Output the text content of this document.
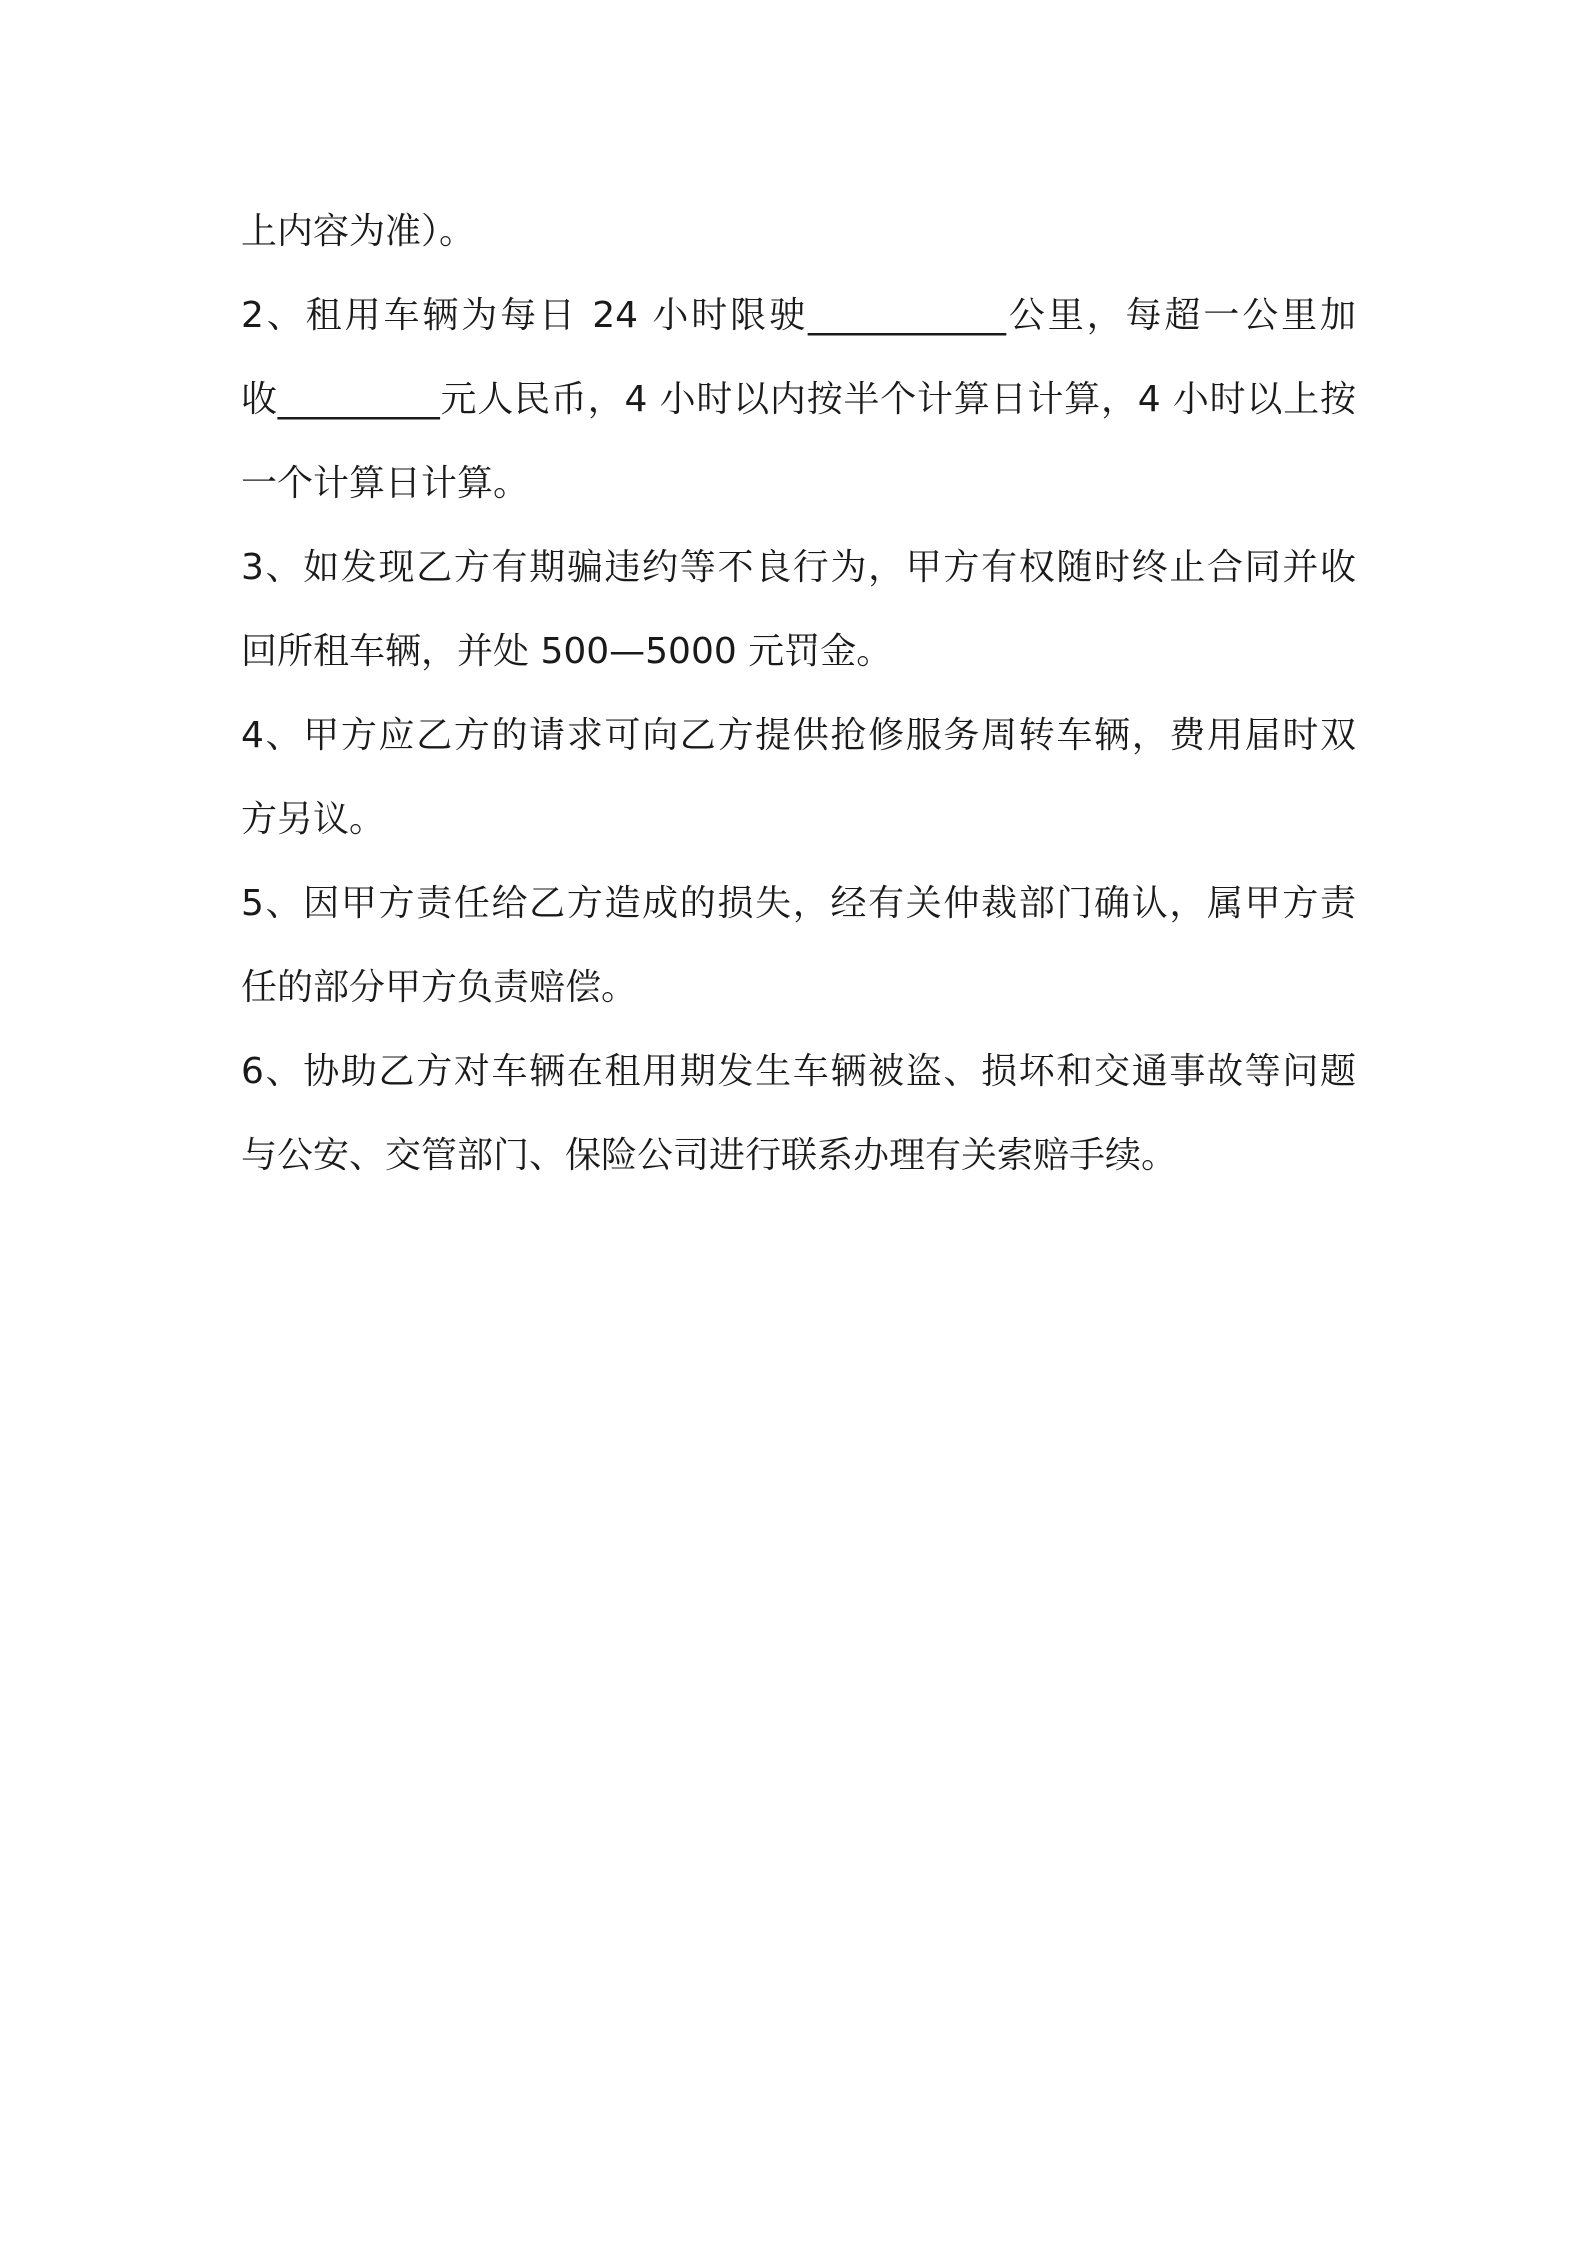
上内容为准）。
2、租用车辆为每日 24 小时限驶___________公里，每超一公里加
收_________元人民币，4 小时以内按半个计算日计算，4 小时以上按
一个计算日计算。
3、如发现乙方有期骗违约等不良行为，甲方有权随时终止合同并收
回所租车辆，并处 500—5000 元罚金。
4、甲方应乙方的请求可向乙方提供抢修服务周转车辆，费用届时双
方另议。
5、因甲方责任给乙方造成的损失，经有关仲裁部门确认，属甲方责
任的部分甲方负责赔偿。
6、协助乙方对车辆在租用期发生车辆被盗、损坏和交通事故等问题
与公安、交管部门、保险公司进行联系办理有关索赔手续。
